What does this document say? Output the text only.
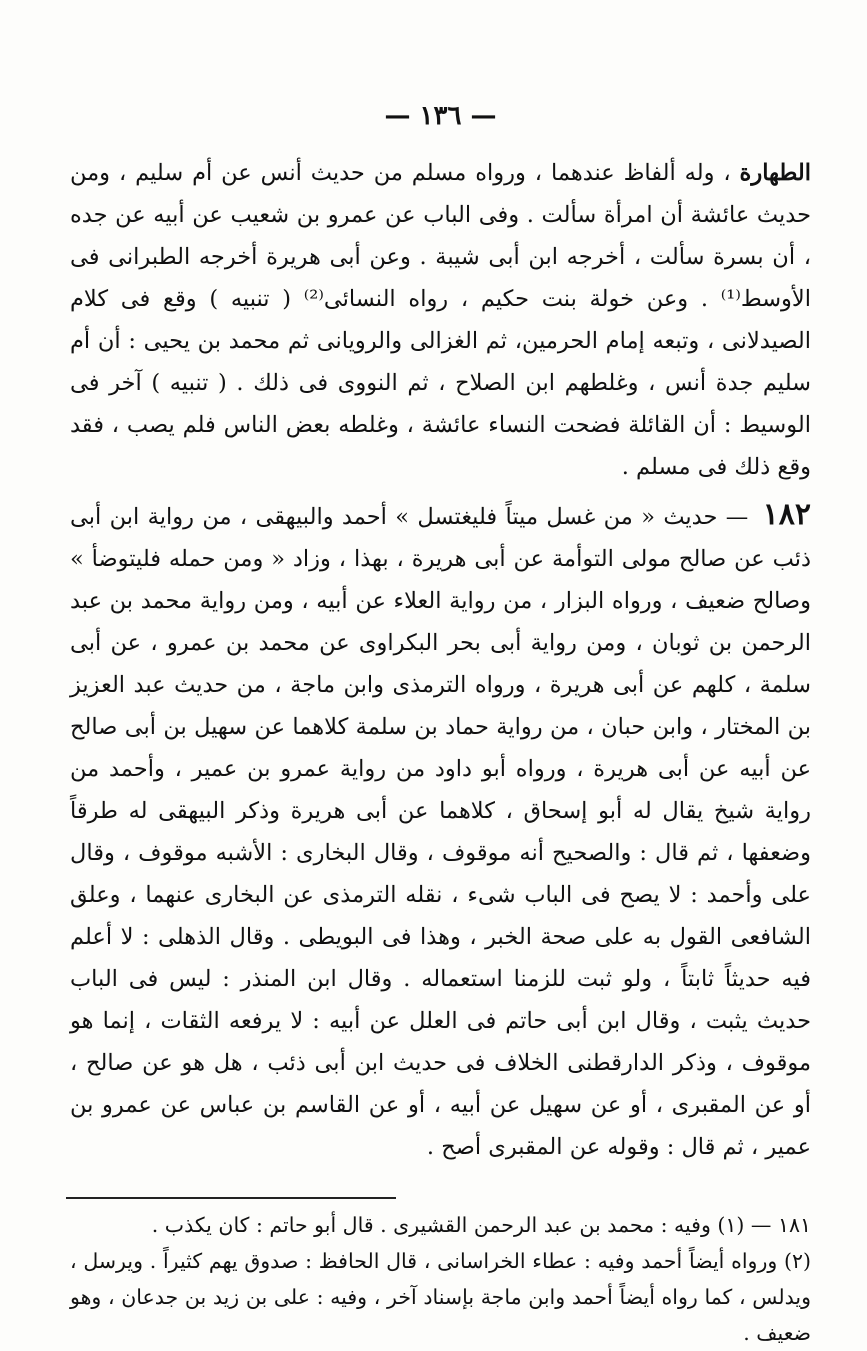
— ١٣٦ —

الطهارة ، وله ألفاظ عندهما ، ورواه مسلم من حديث أنس عن أم سليم ، ومن حديث عائشة أن امرأة سألت . وفى الباب عن عمرو بن شعيب عن أبيه عن جده ، أن بسرة سألت ، أخرجه ابن أبى شيبة . وعن أبى هريرة أخرجه الطبرانى فى الأوسط⁽¹⁾ . وعن خولة بنت حكيم ، رواه النسائى⁽²⁾ ( تنبيه ) وقع فى كلام الصيدلانى ، وتبعه إمام الحرمين، ثم الغزالى والرويانى ثم محمد بن يحيى : أن أم سليم جدة أنس ، وغلطهم ابن الصلاح ، ثم النووى فى ذلك . ( تنبيه ) آخر فى الوسيط : أن القائلة فضحت النساء عائشة ، وغلطه بعض الناس فلم يصب ، فقد وقع ذلك فى مسلم .

١٨٢ — حديث « من غسل ميتاً فليغتسل » أحمد والبيهقى ، من رواية ابن أبى ذئب عن صالح مولى التوأمة عن أبى هريرة ، بهذا ، وزاد « ومن حمله فليتوضأ » وصالح ضعيف ، ورواه البزار ، من رواية العلاء عن أبيه ، ومن رواية محمد بن عبد الرحمن بن ثوبان ، ومن رواية أبى بحر البكراوى عن محمد بن عمرو ، عن أبى سلمة ، كلهم عن أبى هريرة ، ورواه الترمذى وابن ماجة ، من حديث عبد العزيز بن المختار ، وابن حبان ، من رواية حماد بن سلمة كلاهما عن سهيل بن أبى صالح عن أبيه عن أبى هريرة ، ورواه أبو داود من رواية عمرو بن عمير ، وأحمد من رواية شيخ يقال له أبو إسحاق ، كلاهما عن أبى هريرة وذكر البيهقى له طرقاً وضعفها ، ثم قال : والصحيح أنه موقوف ، وقال البخارى : الأشبه موقوف ، وقال على وأحمد : لا يصح فى الباب شىء ، نقله الترمذى عن البخارى عنهما ، وعلق الشافعى القول به على صحة الخبر ، وهذا فى البويطى . وقال الذهلى : لا أعلم فيه حديثاً ثابتاً ، ولو ثبت للزمنا استعماله . وقال ابن المنذر : ليس فى الباب حديث يثبت ، وقال ابن أبى حاتم فى العلل عن أبيه : لا يرفعه الثقات ، إنما هو موقوف ، وذكر الدارقطنى الخلاف فى حديث ابن أبى ذئب ، هل هو عن صالح ، أو عن المقبرى ، أو عن سهيل عن أبيه ، أو عن القاسم بن عباس عن عمرو بن عمير ، ثم قال : وقوله عن المقبرى أصح .

١٨١ — (١) وفيه : محمد بن عبد الرحمن القشيرى . قال أبو حاتم : كان يكذب .

(٢) ورواه أيضاً أحمد وفيه : عطاء الخراسانى ، قال الحافظ : صدوق يهم كثيراً . ويرسل ، ويدلس ، كما رواه أيضاً أحمد وابن ماجة بإسناد آخر ، وفيه : على بن زيد بن جدعان ، وهو ضعيف .
